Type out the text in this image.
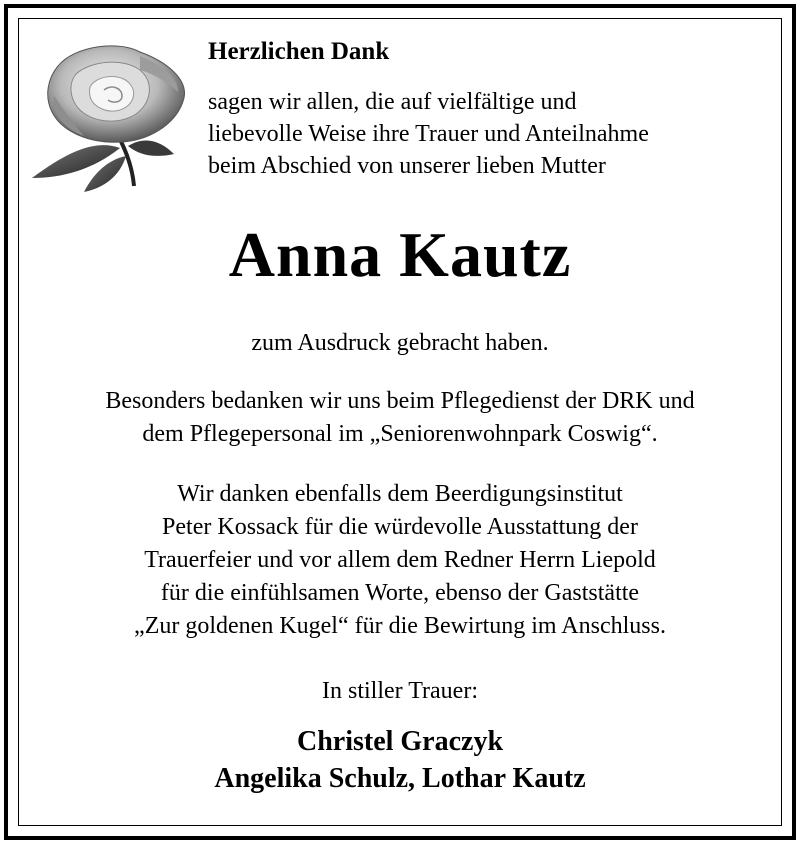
Herzlichen Dank
sagen wir allen, die auf vielfältige und
liebevolle Weise ihre Trauer und Anteilnahme
beim Abschied von unserer lieben Mutter
Anna Kautz
zum Ausdruck gebracht haben.
Besonders bedanken wir uns beim Pflegedienst der DRK und
dem Pflegepersonal im „Seniorenwohnpark Coswig“.
Wir danken ebenfalls dem Beerdigungsinstitut
Peter Kossack für die würdevolle Ausstattung der
Trauerfeier und vor allem dem Redner Herrn Liepold
für die einfühlsamen Worte, ebenso der Gaststätte
„Zur goldenen Kugel“ für die Bewirtung im Anschluss.
In stiller Trauer:
Christel Graczyk
Angelika Schulz, Lothar Kautz
